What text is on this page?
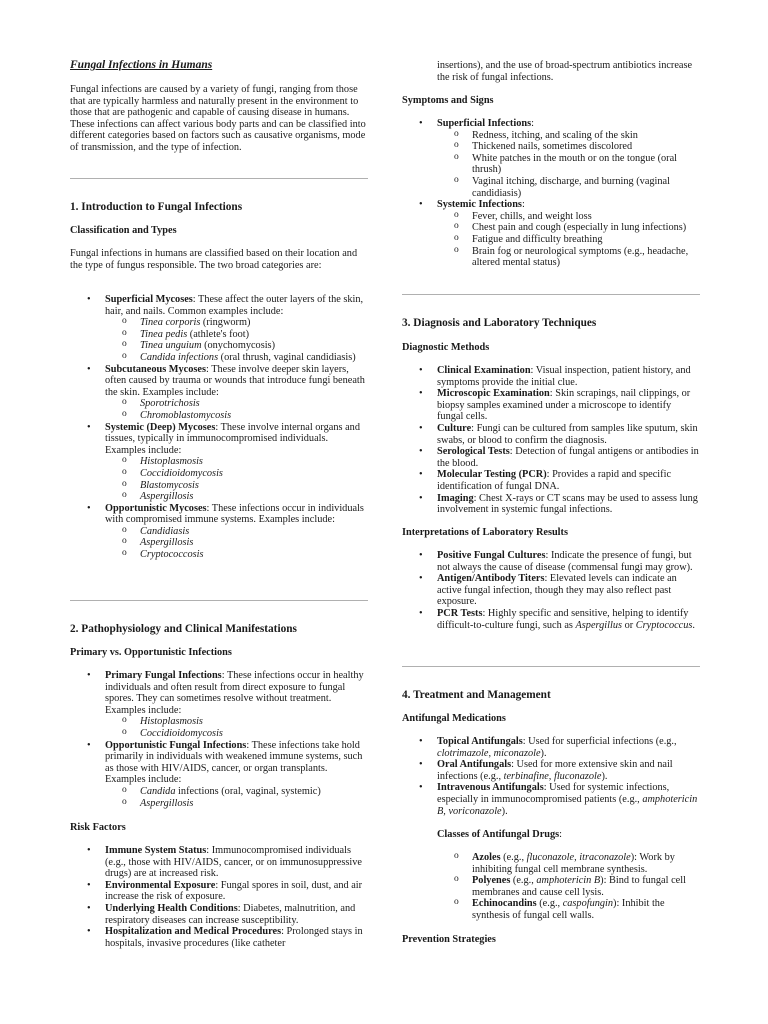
Fungal Infections in Humans

Fungal infections are caused by a variety of fungi, ranging from those that are typically harmless and naturally present in the environment to those that are pathogenic and capable of causing disease in humans. These infections can affect various body parts and can be classified into different categories based on factors such as causative organisms, mode of transmission, and the type of infection.

1. Introduction to Fungal Infections

Classification and Types

Fungal infections in humans are classified based on their location and the type of fungus responsible. The two broad categories are:

• Superficial Mycoses: These affect the outer layers of the skin, hair, and nails. Common examples include:
o Tinea corporis (ringworm)
o Tinea pedis (athlete's foot)
o Tinea unguium (onychomycosis)
o Candida infections (oral thrush, vaginal candidiasis)
• Subcutaneous Mycoses: These involve deeper skin layers, often caused by trauma or wounds that introduce fungi beneath the skin. Examples include:
o Sporotrichosis
o Chromoblastomycosis
• Systemic (Deep) Mycoses: These involve internal organs and tissues, typically in immunocompromised individuals. Examples include:
o Histoplasmosis
o Coccidioidomycosis
o Blastomycosis
o Aspergillosis
• Opportunistic Mycoses: These infections occur in individuals with compromised immune systems. Examples include:
o Candidiasis
o Aspergillosis
o Cryptococcosis

2. Pathophysiology and Clinical Manifestations

Primary vs. Opportunistic Infections

• Primary Fungal Infections: These infections occur in healthy individuals and often result from direct exposure to fungal spores. They can sometimes resolve without treatment. Examples include:
o Histoplasmosis
o Coccidioidomycosis
• Opportunistic Fungal Infections: These infections take hold primarily in individuals with weakened immune systems, such as those with HIV/AIDS, cancer, or organ transplants. Examples include:
o Candida infections (oral, vaginal, systemic)
o Aspergillosis

Risk Factors

• Immune System Status: Immunocompromised individuals (e.g., those with HIV/AIDS, cancer, or on immunosuppressive drugs) are at increased risk.
• Environmental Exposure: Fungal spores in soil, dust, and air increase the risk of exposure.
• Underlying Health Conditions: Diabetes, malnutrition, and respiratory diseases can increase susceptibility.
• Hospitalization and Medical Procedures: Prolonged stays in hospitals, invasive procedures (like catheter

insertions), and the use of broad-spectrum antibiotics increase the risk of fungal infections.

Symptoms and Signs

• Superficial Infections:
o Redness, itching, and scaling of the skin
o Thickened nails, sometimes discolored
o White patches in the mouth or on the tongue (oral thrush)
o Vaginal itching, discharge, and burning (vaginal candidiasis)
• Systemic Infections:
o Fever, chills, and weight loss
o Chest pain and cough (especially in lung infections)
o Fatigue and difficulty breathing
o Brain fog or neurological symptoms (e.g., headache, altered mental status)

3. Diagnosis and Laboratory Techniques

Diagnostic Methods

• Clinical Examination: Visual inspection, patient history, and symptoms provide the initial clue.
• Microscopic Examination: Skin scrapings, nail clippings, or biopsy samples examined under a microscope to identify fungal cells.
• Culture: Fungi can be cultured from samples like sputum, skin swabs, or blood to confirm the diagnosis.
• Serological Tests: Detection of fungal antigens or antibodies in the blood.
• Molecular Testing (PCR): Provides a rapid and specific identification of fungal DNA.
• Imaging: Chest X-rays or CT scans may be used to assess lung involvement in systemic fungal infections.

Interpretations of Laboratory Results

• Positive Fungal Cultures: Indicate the presence of fungi, but not always the cause of disease (commensal fungi may grow).
• Antigen/Antibody Titers: Elevated levels can indicate an active fungal infection, though they may also reflect past exposure.
• PCR Tests: Highly specific and sensitive, helping to identify difficult-to-culture fungi, such as Aspergillus or Cryptococcus.

4. Treatment and Management

Antifungal Medications

• Topical Antifungals: Used for superficial infections (e.g., clotrimazole, miconazole).
• Oral Antifungals: Used for more extensive skin and nail infections (e.g., terbinafine, fluconazole).
• Intravenous Antifungals: Used for systemic infections, especially in immunocompromised patients (e.g., amphotericin B, voriconazole).

Classes of Antifungal Drugs:

o Azoles (e.g., fluconazole, itraconazole): Work by inhibiting fungal cell membrane synthesis.
o Polyenes (e.g., amphotericin B): Bind to fungal cell membranes and cause cell lysis.
o Echinocandins (e.g., caspofungin): Inhibit the synthesis of fungal cell walls.

Prevention Strategies
